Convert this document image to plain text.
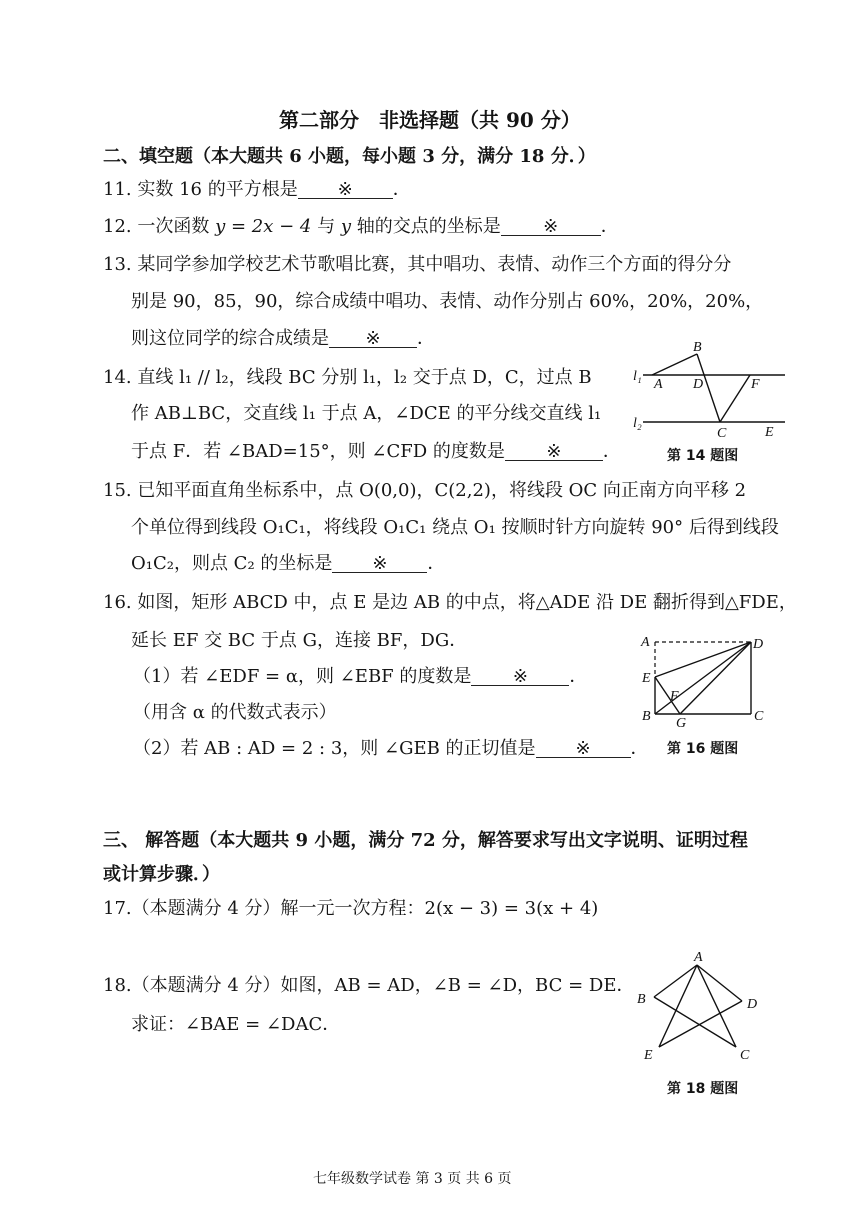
第二部分　非选择题（共 90 分）
二、填空题（本大题共 6 小题，每小题 3 分，满分 18 分．）
11. 实数 16 的平方根是 ※ ．
12. 一次函数 y = 2x − 4 与 y 轴的交点的坐标是 ※ ．
13. 某同学参加学校艺术节歌唱比赛，其中唱功、表情、动作三个方面的得分分
别是 90，85，90，综合成绩中唱功、表情、动作分别占 60%，20%，20%，
则这位同学的综合成绩是 ※ ．
14. 直线 l₁ // l₂，线段 BC 分别 l₁，l₂ 交于点 D，C，过点 B
作 AB⊥BC，交直线 l₁ 于点 A，∠DCE 的平分线交直线 l₁
于点 F．若 ∠BAD=15°，则 ∠CFD 的度数是 ※ ．
B
A D	F
C	E
l₁
l₂
第 14 题图
15. 已知平面直角坐标系中，点 O(0,0)，C(2,2)，将线段 OC 向正南方向平移 2
个单位得到线段 O₁C₁，将线段 O₁C₁ 绕点 O₁ 按顺时针方向旋转 90° 后得到线段
O₁C₂，则点 C₂ 的坐标是 ※ ．
16. 如图，矩形 ABCD 中，点 E 是边 AB 的中点，将△ADE 沿 DE 翻折得到△FDE，
延长 EF 交 BC 于点 G，连接 BF，DG．
（1）若 ∠EDF = α，则 ∠EBF 的度数是 ※ ．
（用含 α 的代数式表示）
（2）若 AB : AD = 2 : 3，则 ∠GEB 的正切值是 ※ ．
A	D
E
F
B G	C
第 16 题图
三、 解答题（本大题共 9 小题，满分 72 分，解答要求写出文字说明、证明过程
或计算步骤．）
17.（本题满分 4 分）解一元一次方程：2(x − 3) = 3(x + 4)
18.（本题满分 4 分）如图，AB = AD，∠B = ∠D，BC = DE．
求证：∠BAE = ∠DAC．
A
B	D
E	C
第 18 题图
七年级数学试卷 第 3 页 共 6 页
